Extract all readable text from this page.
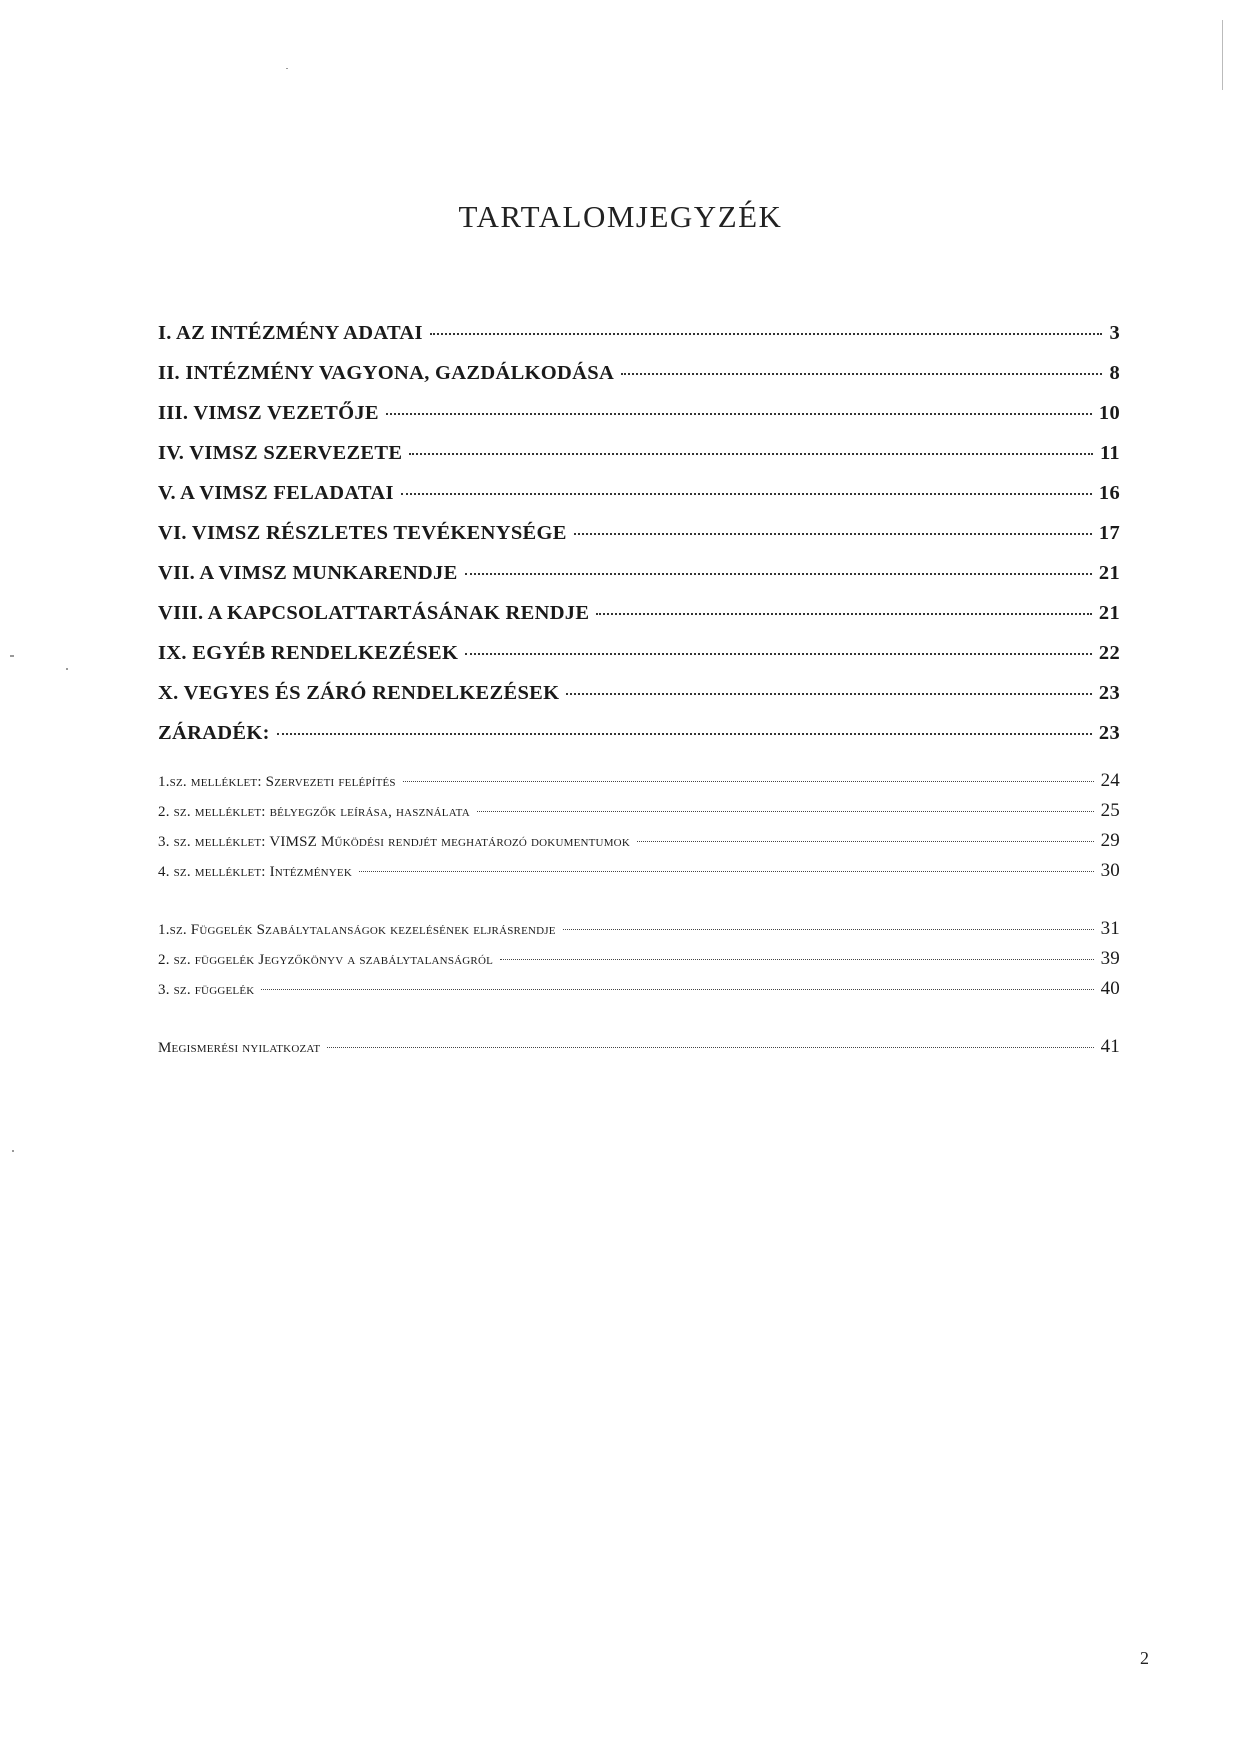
TARTALOMJEGYZÉK
I. AZ INTÉZMÉNY ADATAI	3
II. INTÉZMÉNY VAGYONA, GAZDÁLKODÁSA	8
III. VIMSZ VEZETŐJE	10
IV. VIMSZ SZERVEZETE	11
V. A VIMSZ FELADATAI	16
VI. VIMSZ RÉSZLETES TEVÉKENYSÉGE	17
VII. A VIMSZ MUNKARENDJE	21
VIII. A KAPCSOLATTARTÁSÁNAK RENDJE	21
IX. EGYÉB RENDELKEZÉSEK	22
X. VEGYES ÉS ZÁRÓ RENDELKEZÉSEK	23
ZÁRADÉK:	23
1.sz. melléklet: Szervezeti felépítés	24
2. sz. melléklet: bélyegzők leírása, használata	25
3. sz. melléklet: VIMSZ Működési rendjét meghatározó dokumentumok	29
4. sz. melléklet: Intézmények	30
1.sz. Függelék Szabálytalanságok kezelésének eljrásrendje	31
2. sz. függelék Jegyzőkönyv a szabálytalanságról	39
3. sz. függelék	40
Megismerési nyilatkozat	41
2
